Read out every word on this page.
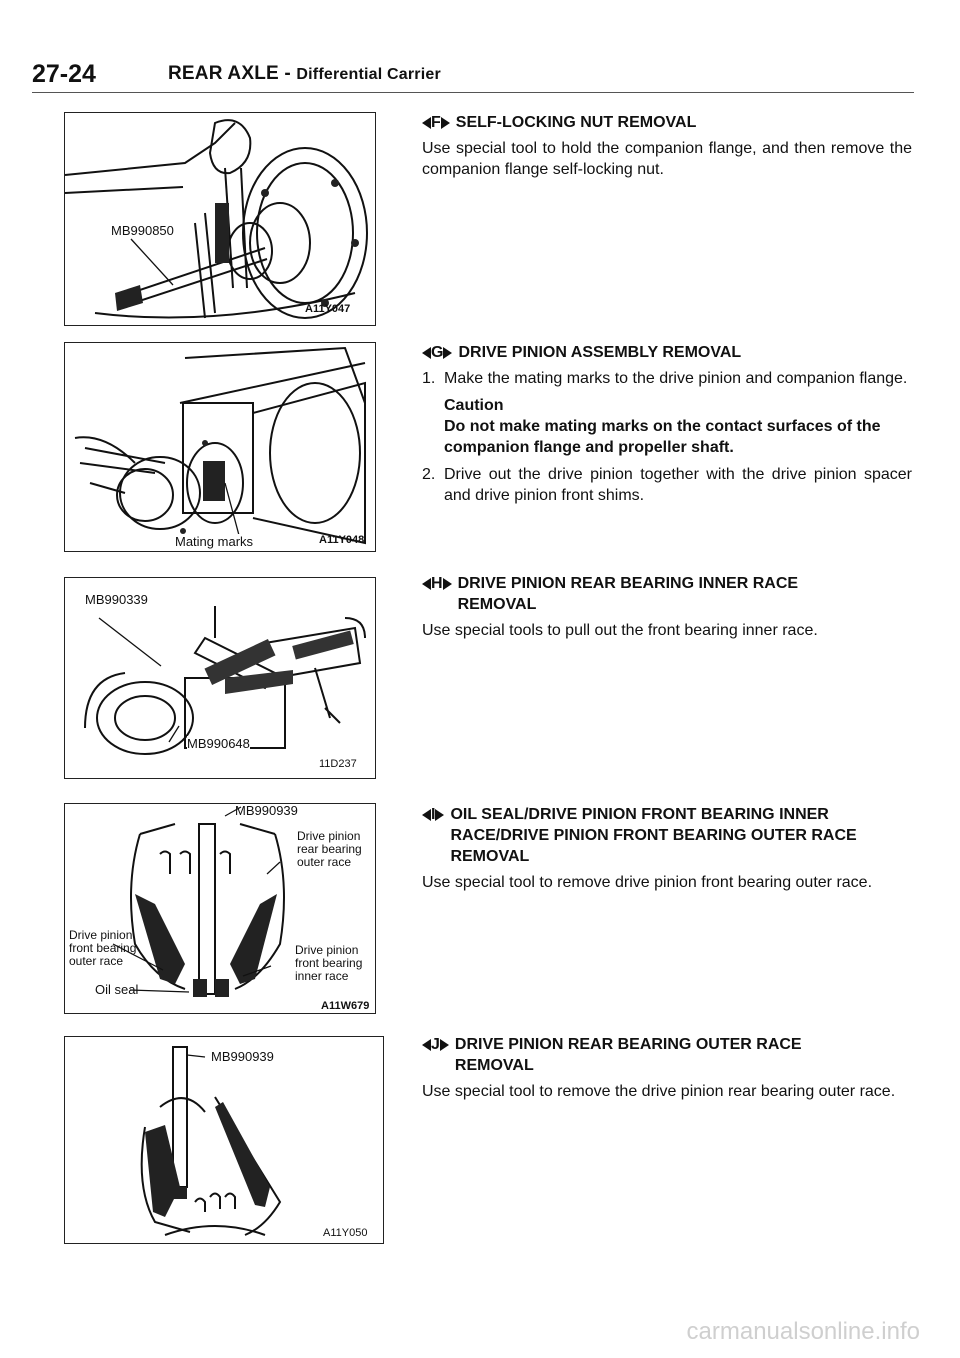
27-24	REAR AXLE - Differential Carrier
MB990850
A11Y047
Mating marks	A11Y048
MB990339
MB990648
11D237
MB990939
Drive pinion rear bearing outer race
Drive pinion front bearing outer race
Drive pinion front bearing inner race
Oil seal
A11W679
MB990939
A11Y050
F SELF-LOCKING NUT REMOVAL

Use special tool to hold the companion flange, and then remove the companion flange self-locking nut.

G DRIVE PINION ASSEMBLY REMOVAL
1. Make the mating marks to the drive pinion and companion flange.
Caution
Do not make mating marks on the contact surfaces of the companion flange and propeller shaft.
2. Drive out the drive pinion together with the drive pinion spacer and drive pinion front shims.
H DRIVE PINION REAR BEARING INNER RACE REMOVAL

Use special tools to pull out the front bearing inner race.

I OIL SEAL/DRIVE PINION FRONT BEARING INNER RACE/DRIVE PINION FRONT BEARING OUTER RACE REMOVAL

Use special tool to remove drive pinion front bearing outer race.

J DRIVE PINION REAR BEARING OUTER RACE REMOVAL

Use special tool to remove the drive pinion rear bearing outer race.

carmanualsonline.info
